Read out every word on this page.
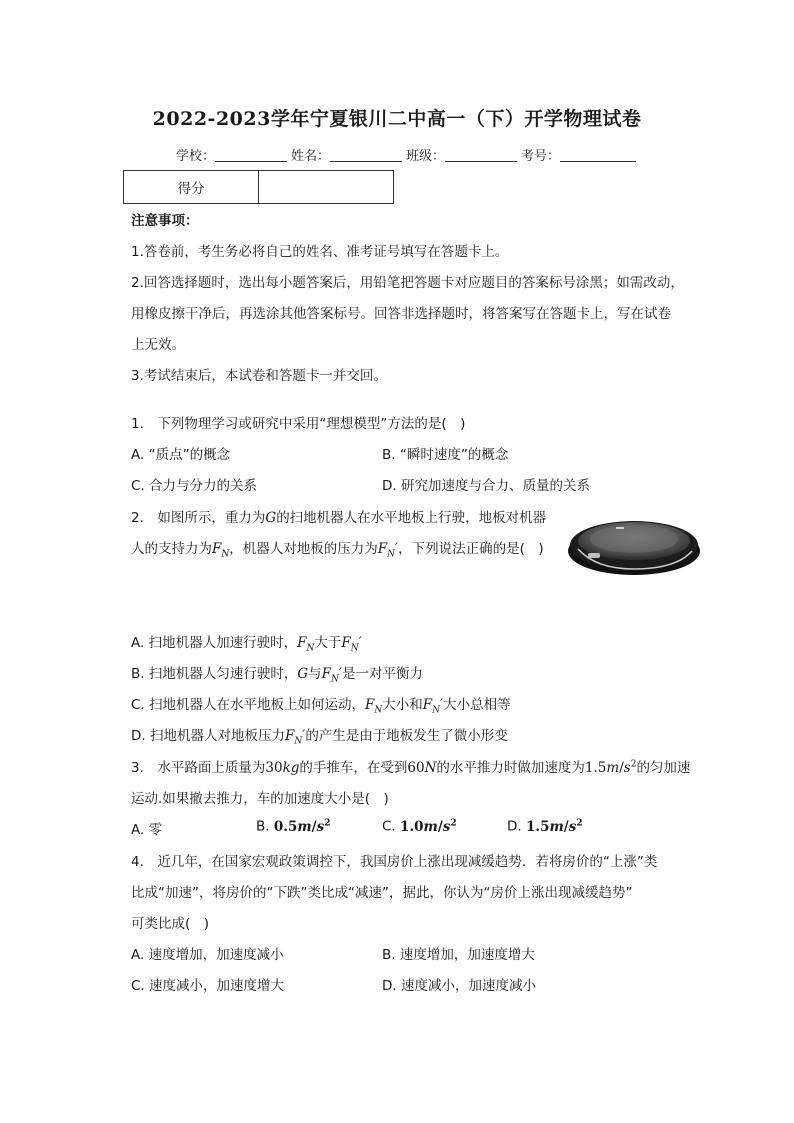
2022-2023学年宁夏银川二中高一（下）开学物理试卷
学校：	姓名：	班级：	考号：
得分	
注意事项：
1.答卷前，考生务必将自己的姓名、准考证号填写在答题卡上。
2.回答选择题时，选出每小题答案后，用铅笔把答题卡对应题目的答案标号涂黑；如需改动，
用橡皮擦干净后，再选涂其他答案标号。回答非选择题时，将答案写在答题卡上，写在试卷
上无效。
3.考试结束后，本试卷和答题卡一并交回。
1.　下列物理学习或研究中采用“理想模型”方法的是(　)
A. “质点”的概念	B. “瞬时速度”的概念
C. 合力与分力的关系	D. 研究加速度与合力、质量的关系
2.　如图所示，重力为G的扫地机器人在水平地板上行驶，地板对机器
人的支持力为$F_N$，机器人对地板的压力为$F_N'$，下列说法正确的是(　)
A. 扫地机器人加速行驶时，$F_N$大于$F_N'$
B. 扫地机器人匀速行驶时，G与$F_N'$是一对平衡力
C. 扫地机器人在水平地板上如何运动，$F_N$大小和$F_N'$大小总相等
D. 扫地机器人对地板压力$F_N'$的产生是由于地板发生了微小形变
3.　水平路面上质量为30kg的手推车，在受到60N的水平推力时做加速度为$1.5m/s^2$的匀加速
运动.如果撤去推力，车的加速度大小是(　)
A. 零	B. $0.5m/s^2$	C. $1.0m/s^2$	D. $1.5m/s^2$
4.　近几年，在国家宏观政策调控下，我国房价上涨出现减缓趋势．若将房价的“上涨”类
比成“加速”，将房价的“下跌”类比成“减速”，据此，你认为“房价上涨出现减缓趋势”
可类比成(　)
A. 速度增加，加速度减小	B. 速度增加，加速度增大
C. 速度减小，加速度增大	D. 速度减小，加速度减小
